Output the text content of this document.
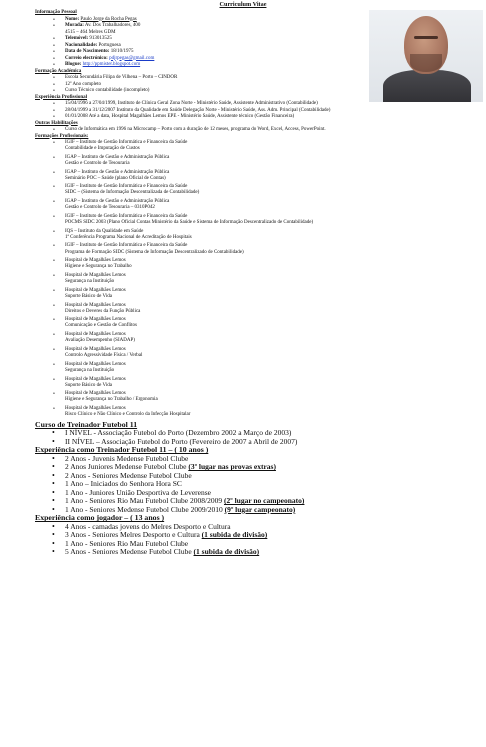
Curriculum Vitae
Informação Pessoal
• Nome: Paulo Jorge da Rocha Pegas
• Morada: Av. Dos Trabalhadores, 400
4515 – 464 Melres GDM
• Telemóvel: 913013525
• Nacionalidade: Portuguesa
• Data de Nascimento: 18/10/1975
• Correio electrónico: pdjrpegas@gmail.com
• Blogue: http://ppmister.blogspot.com
Formação Académica
• Escola Secundária Filipa de Vilhena – Porto – CINDOR
• 12º Ano completo
• Curso Técnico contabilidade (incompleto)
Experiência Profissional
• 15/04/1996 a 27/04/1999, Instituto de Clínica Geral Zona Norte - Ministério Saúde, Assistente Administrativo (Contabilidade)
• 28/04/1999 a 31/12/2007 Instituto da Qualidade em Saúde Delegação Norte - Ministério Saúde, Ass. Adm. Principal (Contabilidade)
• 01/01/2008 Até a data, Hospital Magalhães Lemos EPE - Ministério Saúde, Assistente técnico (Gestão Financeira)
Outras Habilitações
• Curso de Informática em 1996 na Microcamp – Porto com a duração de 12 meses, programa do Word, Excel, Access, PowerPoint.
Formações Profissionais:
• IGIF – Instituto de Gestão Informática e Financeira da Saúde
Contabilidade e Imputação de Custos
• IGAP – Instituto de Gestão e Administração Pública
Gestão e Controlo de Tesouraria
• IGAP – Instituto de Gestão e Administração Pública
Seminário POC – Saúde (plano Oficial de Contas)
• IGIF – Instituto de Gestão Informática e Financeira da Saúde
SIDC – (Sistema de Informação Descentralizada de Contabilidade)
• IGAP – Instituto de Gestão e Administração Pública
Gestão e Controlo de Tesouraria – 0310P042
• IGIF – Instituto de Gestão Informática e Financeira da Saúde
POCMS SIDC 2003 (Plano Oficial Contas Ministério da Saúde e Sistema de Informação Descentralizado de Contabilidade)
• IQS – Instituto da Qualidade em Saúde
1ª Conferência Programa Nacional de Acreditação de Hospitais
• IGIF – Instituto de Gestão Informática e Financeira da Saúde
Programa de Formação SIDC (Sistema de Informação Descentralizado de Contabilidade)
• Hospital de Magalhães Lemos
Higiene e Segurança no Trabalho
• Hospital de Magalhães Lemos
Segurança na Instituição
• Hospital de Magalhães Lemos
Suporte Básico de Vida
• Hospital de Magalhães Lemos
Direitos e Deveres da Função Pública
• Hospital de Magalhães Lemos
Comunicação e Gestão de Conflitos
• Hospital de Magalhães Lemos
Avaliação Desempenho (SIADAP)
• Hospital de Magalhães Lemos
Controlo Agressividade Física / Verbal
• Hospital de Magalhães Lemos
Segurança na Instituição
• Hospital de Magalhães Lemos
Suporte Básico de Vida
• Hospital de Magalhães Lemos
Higiene e Segurança no Trabalho / Ergonomia
• Hospital de Magalhães Lemos
Risco Clínico e Não Clínico e Controlo da Infecção Hospitalar
Curso de Treinador Futebol 11
• I NÍVEL - Associação Futebol do Porto (Dezembro 2002 a Março de 2003)
• II NÍVEL – Associação Futebol do Porto (Fevereiro de 2007 a Abril de 2007)
Experiência como Treinador Futebol 11 – ( 10 anos )
• 2 Anos - Juvenis Medense Futebol Clube
• 2 Anos Juniores Medense Futebol Clube (3º lugar nas provas extras)
• 2 Anos - Seniores Medense Futebol Clube
• 1 Ano – Iniciados do Senhora Hora SC
• 1 Ano - Juniores União Desportiva de Leverense
• 1 Ano - Seniores Rio Mau Futebol Clube 2008/2009 (2º lugar no campeonato)
• 1 Ano - Seniores Medense Futebol Clube 2009/2010 (9º lugar campeonato)
Experiência como jogador – ( 13 anos )
• 4 Anos - camadas jovens do Melres Desporto e Cultura
• 3 Anos - Seniores Melres Desporto e Cultura (1 subida de divisão)
• 1 Ano - Seniores Rio Mau Futebol Clube
• 5 Anos - Seniores Medense Futebol Clube (1 subida de divisão)
